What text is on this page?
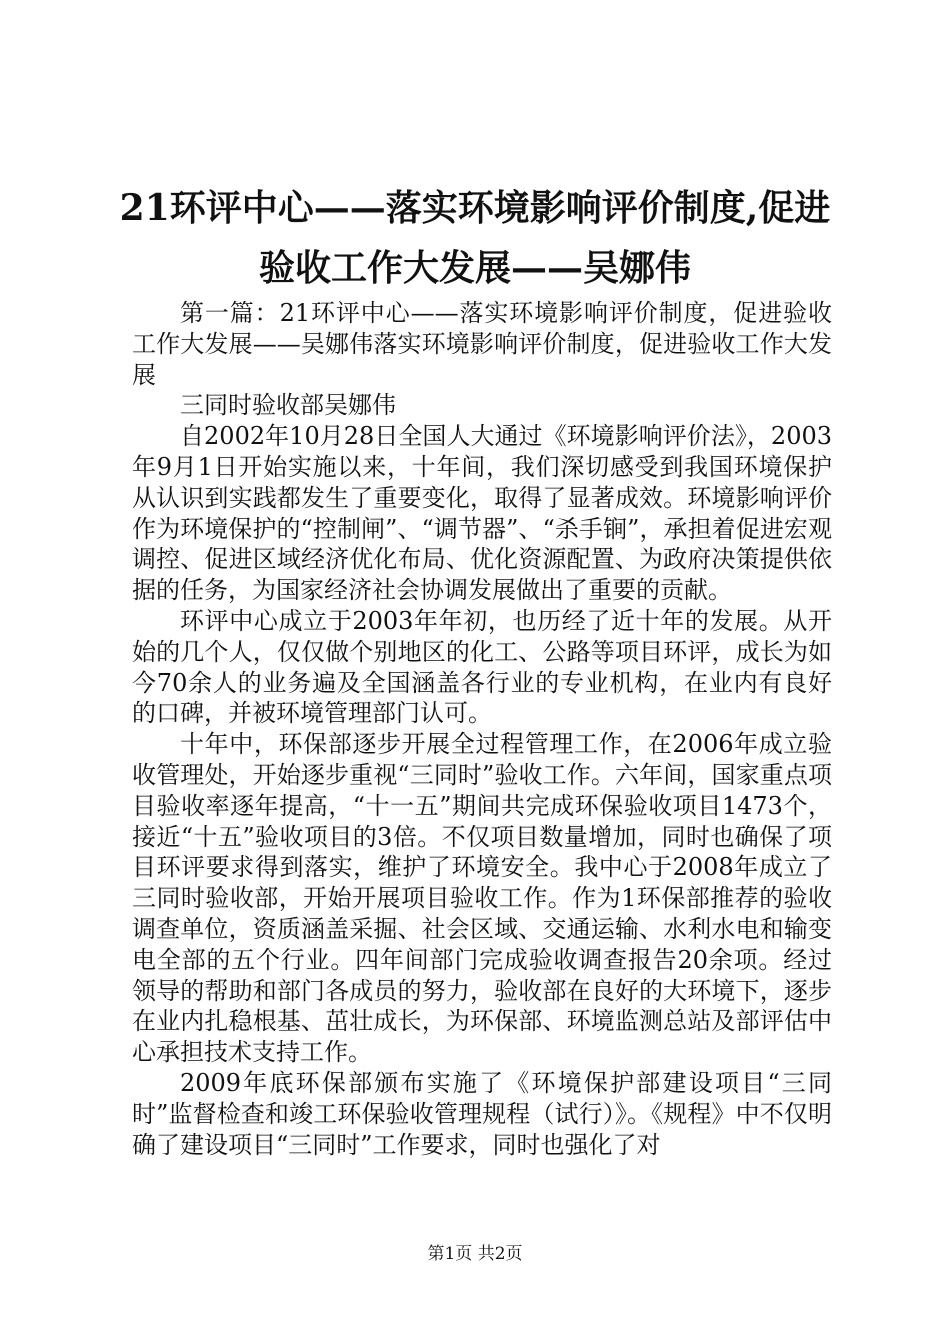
21环评中心——落实环境影响评价制度,促进
验收工作大发展——吴娜伟

第一篇：21环评中心——落实环境影响评价制度，促进验收工作大发展——吴娜伟落实环境影响评价制度，促进验收工作大发展

三同时验收部吴娜伟

自2002年10月28日全国人大通过《环境影响评价法》，2003年9月1日开始实施以来，十年间，我们深切感受到我国环境保护从认识到实践都发生了重要变化，取得了显著成效。环境影响评价作为环境保护的“控制闸”、“调节器”、“杀手锏”，承担着促进宏观调控、促进区域经济优化布局、优化资源配置、为政府决策提供依据的任务，为国家经济社会协调发展做出了重要的贡献。

环评中心成立于2003年年初，也历经了近十年的发展。从开始的几个人，仅仅做个别地区的化工、公路等项目环评，成长为如今70余人的业务遍及全国涵盖各行业的专业机构，在业内有良好的口碑，并被环境管理部门认可。

十年中，环保部逐步开展全过程管理工作，在2006年成立验收管理处，开始逐步重视“三同时”验收工作。六年间，国家重点项目验收率逐年提高，“十一五”期间共完成环保验收项目1473个，接近“十五”验收项目的3倍。不仅项目数量增加，同时也确保了项目环评要求得到落实，维护了环境安全。我中心于2008年成立了三同时验收部，开始开展项目验收工作。作为1环保部推荐的验收调查单位，资质涵盖采掘、社会区域、交通运输、水利水电和输变电全部的五个行业。四年间部门完成验收调查报告20余项。经过领导的帮助和部门各成员的努力，验收部在良好的大环境下，逐步在业内扎稳根基、茁壮成长，为环保部、环境监测总站及部评估中心承担技术支持工作。

2009年底环保部颁布实施了《环境保护部建设项目“三同时”监督检查和竣工环保验收管理规程（试行）》。《规程》中不仅明确了建设项目“三同时”工作要求，同时也强化了对

第1页 共2页
